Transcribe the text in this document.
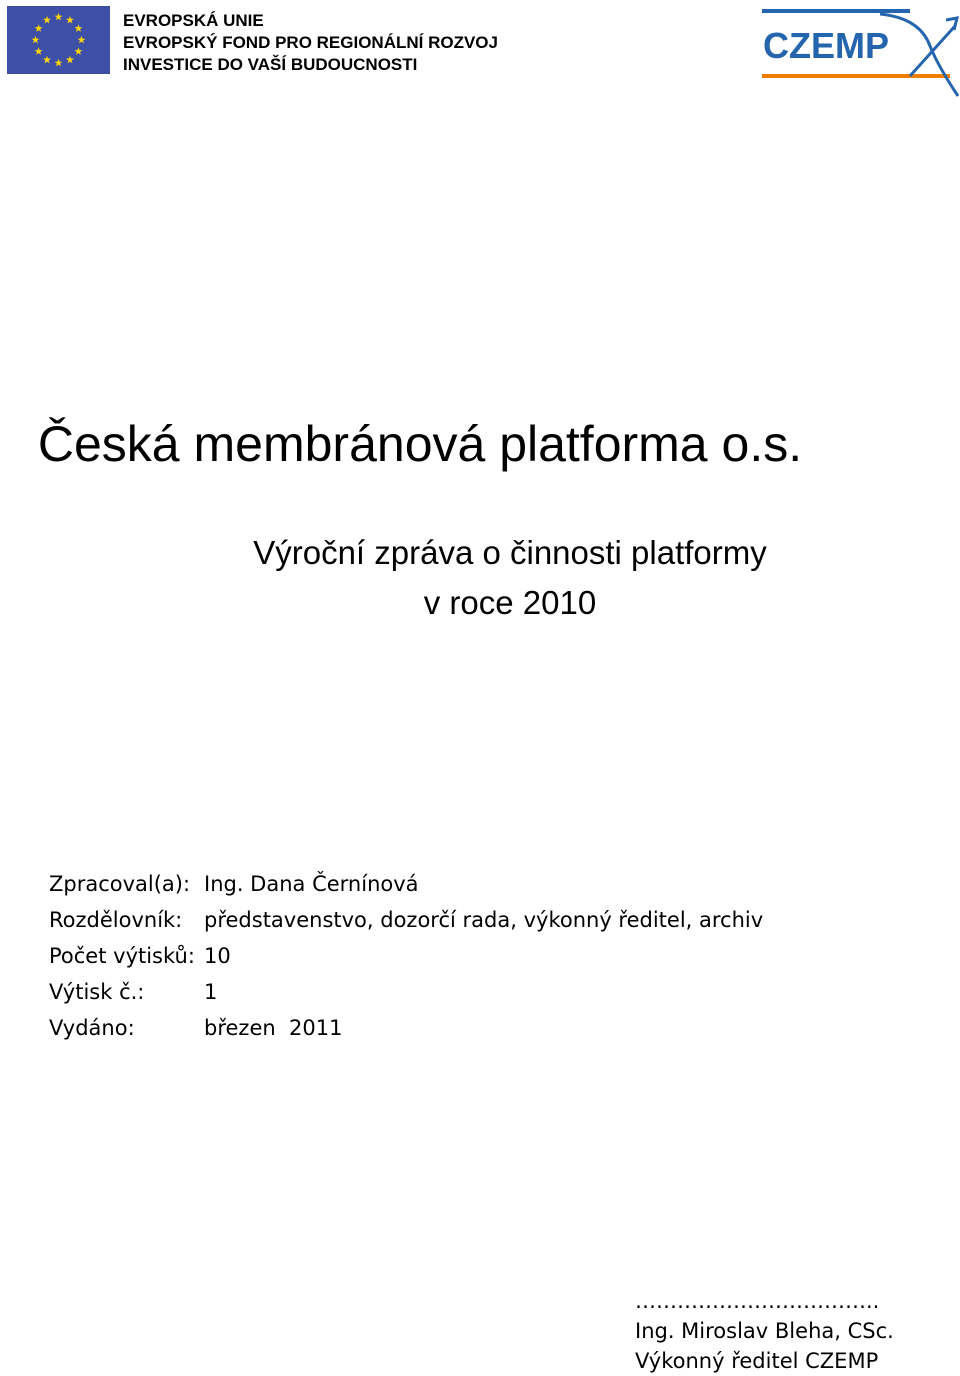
EVROPSKÁ UNIE
EVROPSKÝ FOND PRO REGIONÁLNÍ ROZVOJ
INVESTICE DO VAŠÍ BUDOUCNOSTI	CZEMP
Česká membránová platforma o.s.
Výroční zpráva o činnosti platformy
v roce 2010
Zpracoval(a): Ing. Dana Černínová
Rozdělovník:	představenstvo, dozorčí rada, výkonný ředitel, archiv
Počet výtisků: 10
Výtisk č.:	1
Vydáno:	březen  2011
……………………………..
Ing. Miroslav Bleha, CSc.
Výkonný ředitel CZEMP
